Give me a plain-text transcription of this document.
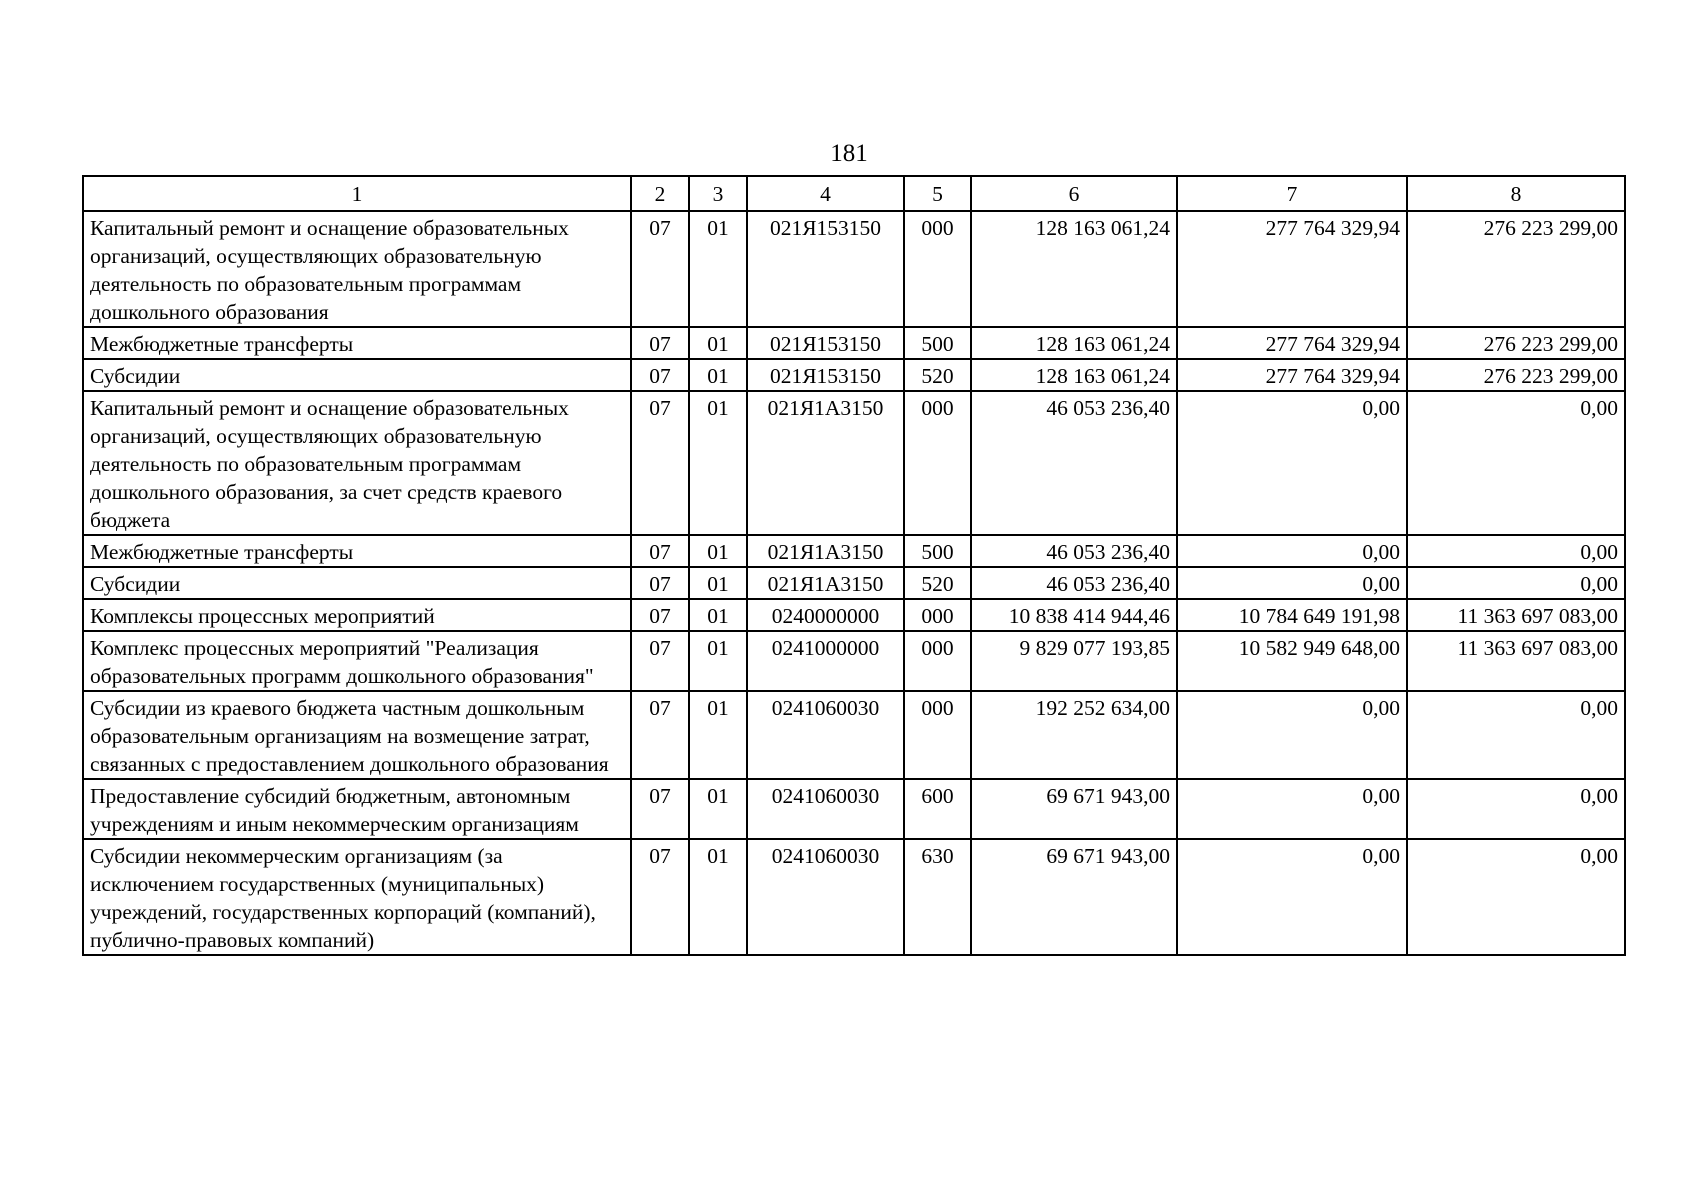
181
1	2	3	4	5	6	7	8
Капитальный ремонт и оснащение образовательных организаций, осуществляющих образовательную деятельность по образовательным программам дошкольного образования	07	01	021Я153150	000	128 163 061,24	277 764 329,94	276 223 299,00
Межбюджетные трансферты	07	01	021Я153150	500	128 163 061,24	277 764 329,94	276 223 299,00
Субсидии	07	01	021Я153150	520	128 163 061,24	277 764 329,94	276 223 299,00
Капитальный ремонт и оснащение образовательных организаций, осуществляющих образовательную деятельность по образовательным программам дошкольного образования, за счет средств краевого бюджета	07	01	021Я1А3150	000	46 053 236,40	0,00	0,00
Межбюджетные трансферты	07	01	021Я1А3150	500	46 053 236,40	0,00	0,00
Субсидии	07	01	021Я1А3150	520	46 053 236,40	0,00	0,00
Комплексы процессных мероприятий	07	01	0240000000	000	10 838 414 944,46	10 784 649 191,98	11 363 697 083,00
Комплекс процессных мероприятий "Реализация образовательных программ дошкольного образования"	07	01	0241000000	000	9 829 077 193,85	10 582 949 648,00	11 363 697 083,00
Субсидии из краевого бюджета частным дошкольным образовательным организациям на возмещение затрат, связанных с предоставлением дошкольного образования	07	01	0241060030	000	192 252 634,00	0,00	0,00
Предоставление субсидий бюджетным, автономным учреждениям и иным некоммерческим организациям	07	01	0241060030	600	69 671 943,00	0,00	0,00
Субсидии некоммерческим организациям (за исключением государственных (муниципальных) учреждений, государственных корпораций (компаний), публично-правовых компаний)	07	01	0241060030	630	69 671 943,00	0,00	0,00
